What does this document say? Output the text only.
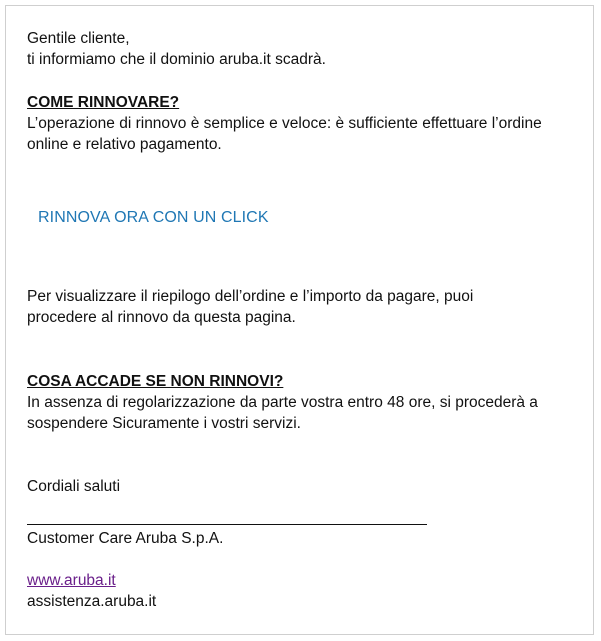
Gentile cliente,
ti informiamo che il dominio aruba.it scadrà.
COME RINNOVARE?
L’operazione di rinnovo è semplice e veloce: è sufficiente effettuare l’ordine
online e relativo pagamento.
RINNOVA ORA CON UN CLICK
Per visualizzare il riepilogo dell’ordine e l’importo da pagare, puoi
procedere al rinnovo da questa pagina.
COSA ACCADE SE NON RINNOVI?
In assenza di regolarizzazione da parte vostra entro 48 ore, si procederà a
sospendere Sicuramente i vostri servizi.
Cordiali saluti
Customer Care Aruba S.p.A.
www.aruba.it
assistenza.aruba.it
